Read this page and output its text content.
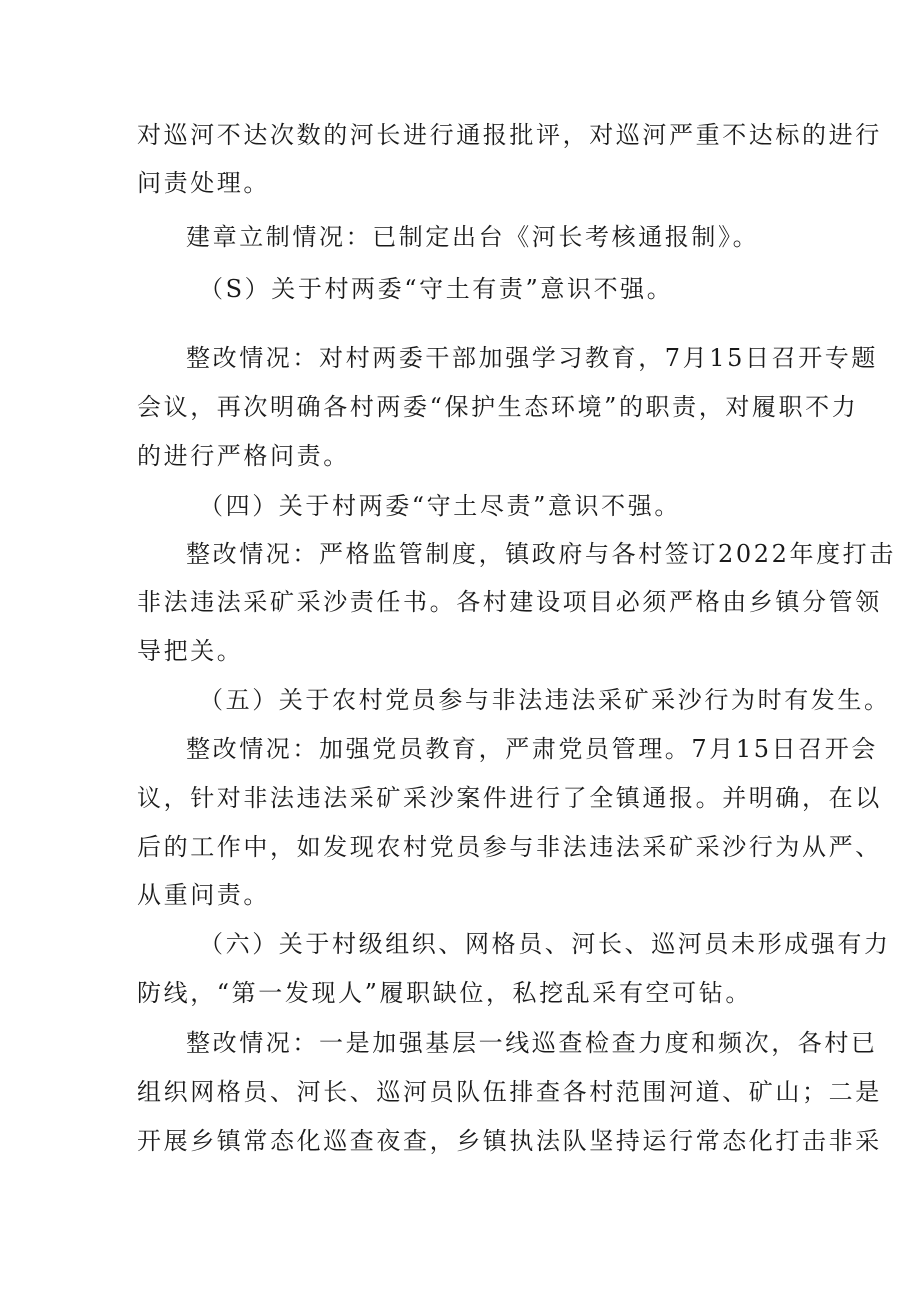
对巡河不达次数的河长进行通报批评，对巡河严重不达标的进行
问责处理。
建章立制情况：已制定出台《河长考核通报制》。
（S）关于村两委“守土有责”意识不强。
整改情况：对村两委干部加强学习教育，7月15日召开专题
会议，再次明确各村两委“保护生态环境”的职责，对履职不力
的进行严格问责。
（四）关于村两委“守土尽责”意识不强。
整改情况：严格监管制度，镇政府与各村签订2022年度打击
非法违法采矿采沙责任书。各村建设项目必须严格由乡镇分管领
导把关。
（五）关于农村党员参与非法违法采矿采沙行为时有发生。
整改情况：加强党员教育，严肃党员管理。7月15日召开会
议，针对非法违法采矿采沙案件进行了全镇通报。并明确，在以
后的工作中，如发现农村党员参与非法违法采矿采沙行为从严、
从重问责。
（六）关于村级组织、网格员、河长、巡河员未形成强有力
防线，“第一发现人”履职缺位，私挖乱采有空可钻。
整改情况：一是加强基层一线巡查检查力度和频次，各村已
组织网格员、河长、巡河员队伍排查各村范围河道、矿山；二是
开展乡镇常态化巡查夜查，乡镇执法队坚持运行常态化打击非采
